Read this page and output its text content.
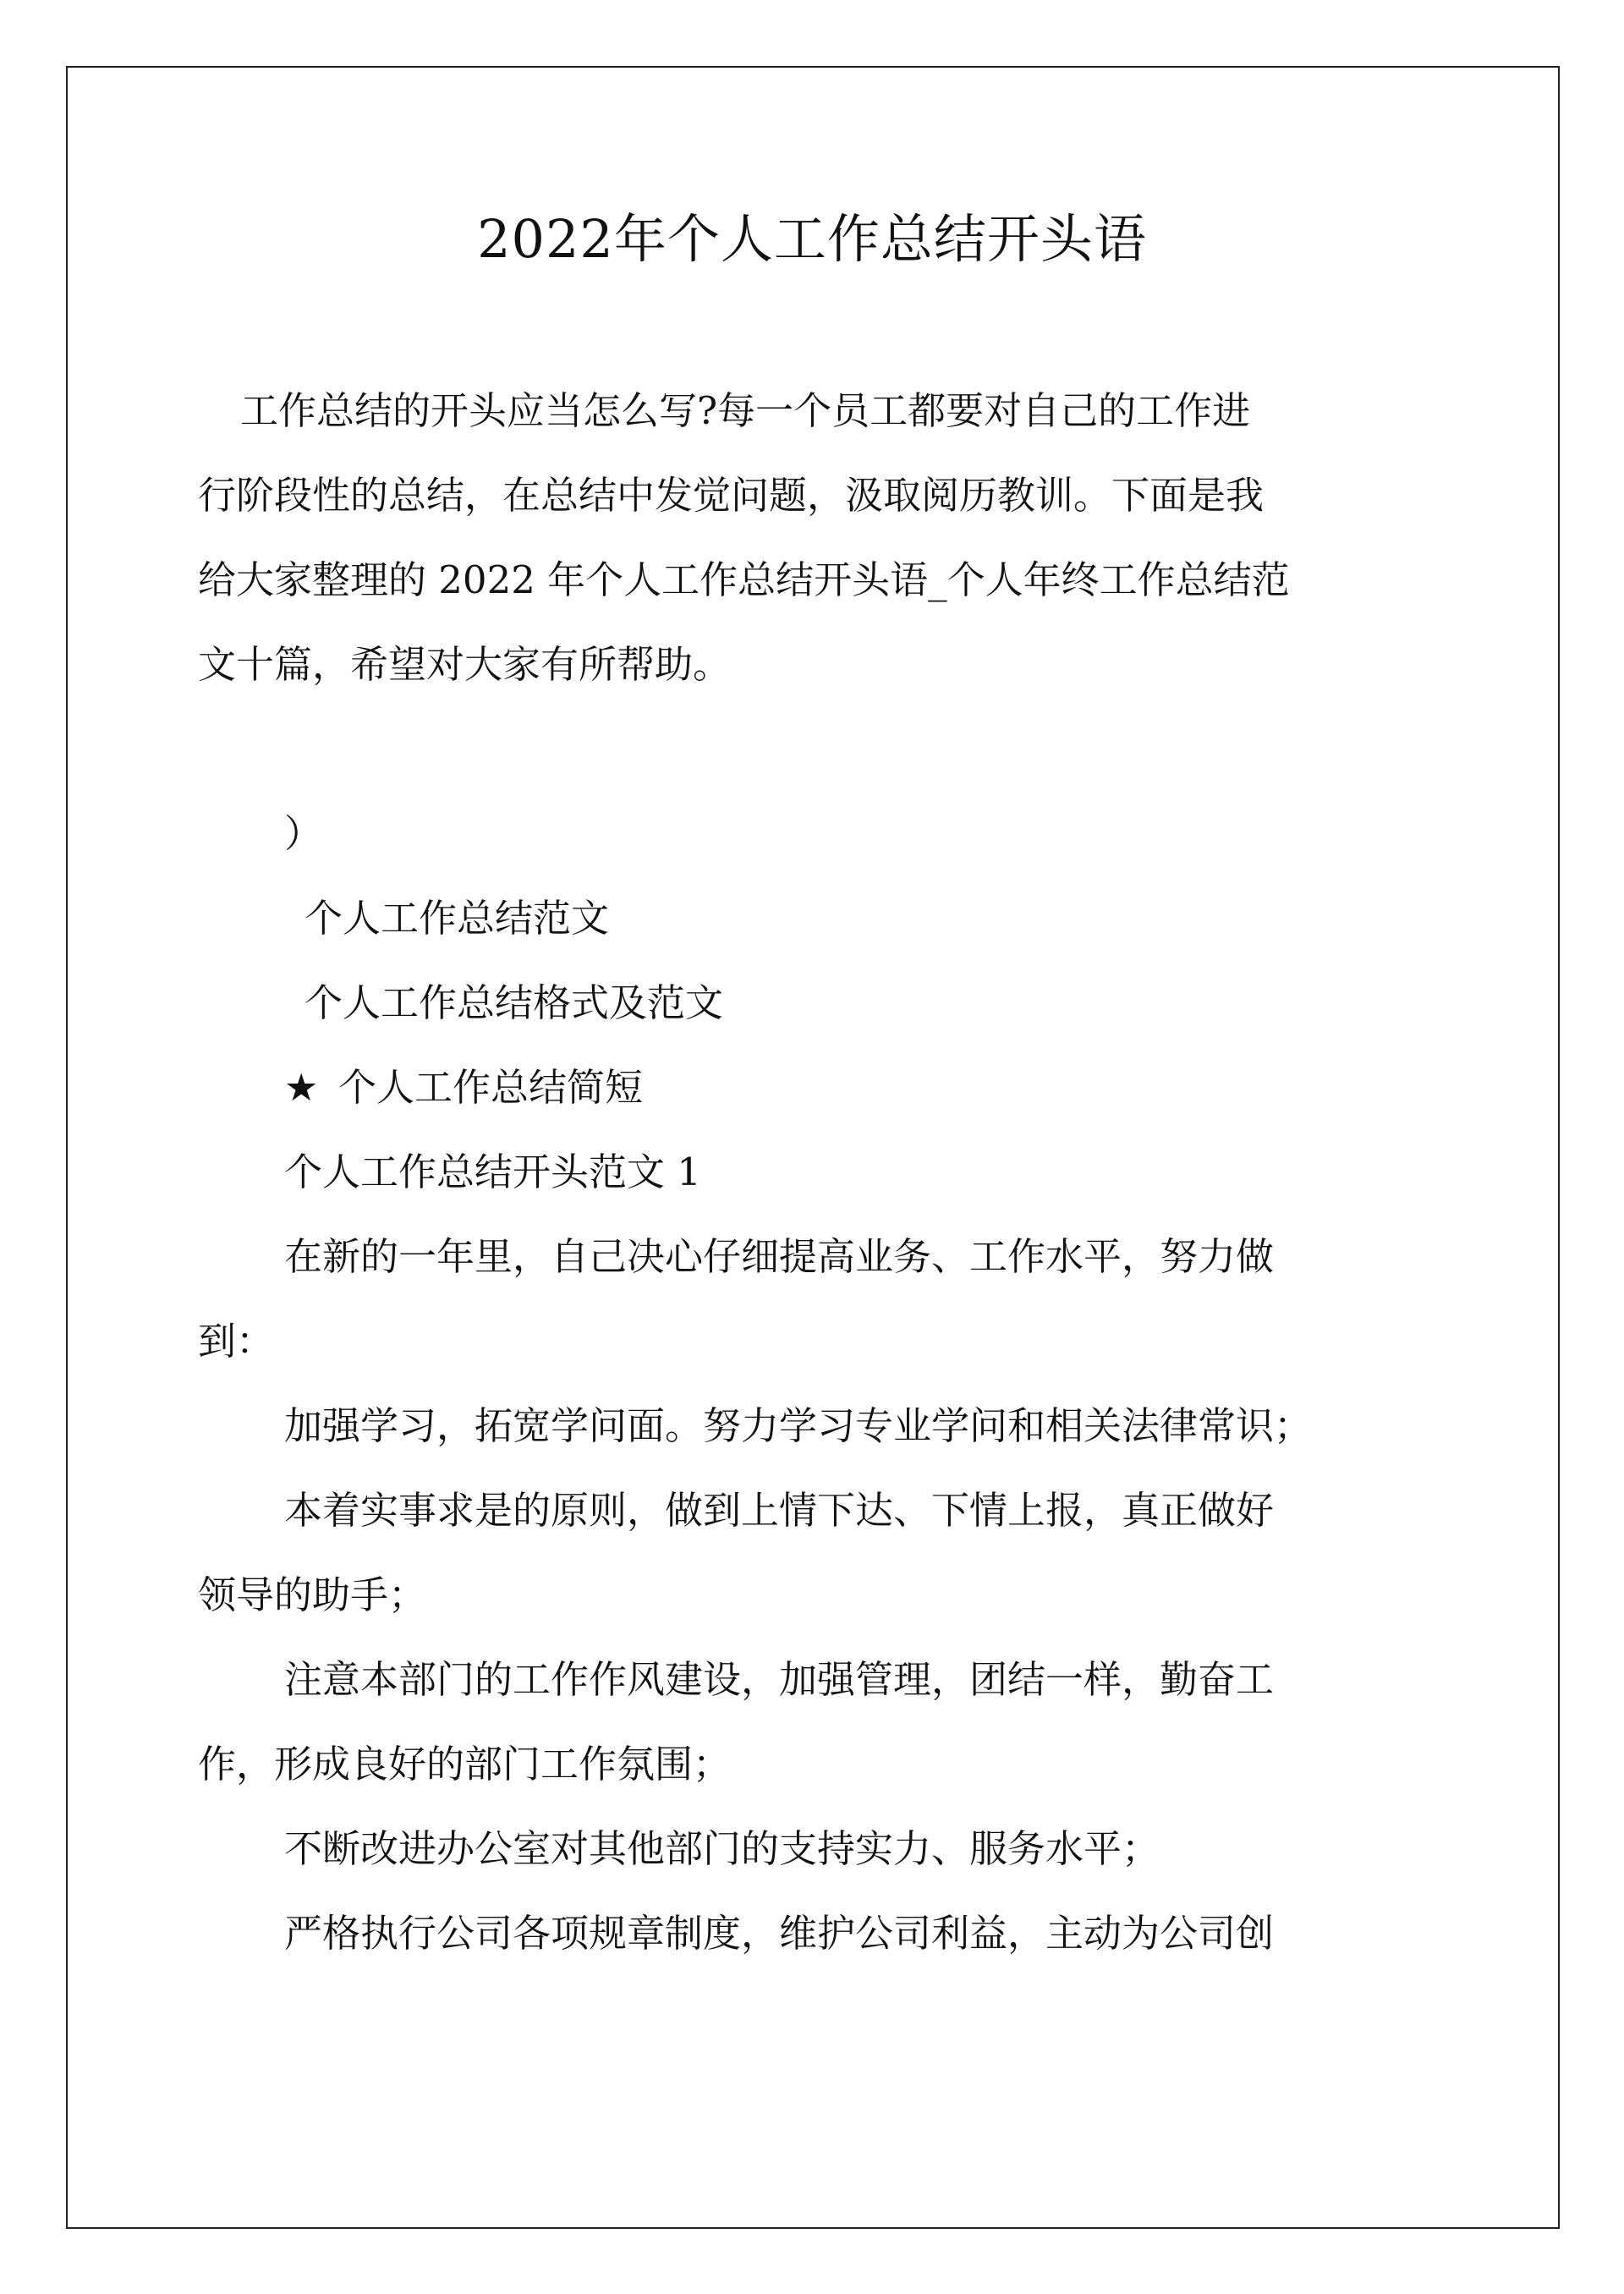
2022年个人工作总结开头语
工作总结的开头应当怎么写?每一个员工都要对自己的工作进
行阶段性的总结，在总结中发觉问题，汲取阅历教训。下面是我
给大家整理的 2022 年个人工作总结开头语_个人年终工作总结范
文十篇，希望对大家有所帮助。
）
个人工作总结范文
个人工作总结格式及范文
★ 个人工作总结简短
个人工作总结开头范文 1
在新的一年里，自己决心仔细提高业务、工作水平，努力做
到：
加强学习，拓宽学问面。努力学习专业学问和相关法律常识；
本着实事求是的原则，做到上情下达、下情上报，真正做好
领导的助手；
注意本部门的工作作风建设，加强管理，团结一样，勤奋工
作，形成良好的部门工作氛围；
不断改进办公室对其他部门的支持实力、服务水平；
严格执行公司各项规章制度，维护公司利益，主动为公司创
